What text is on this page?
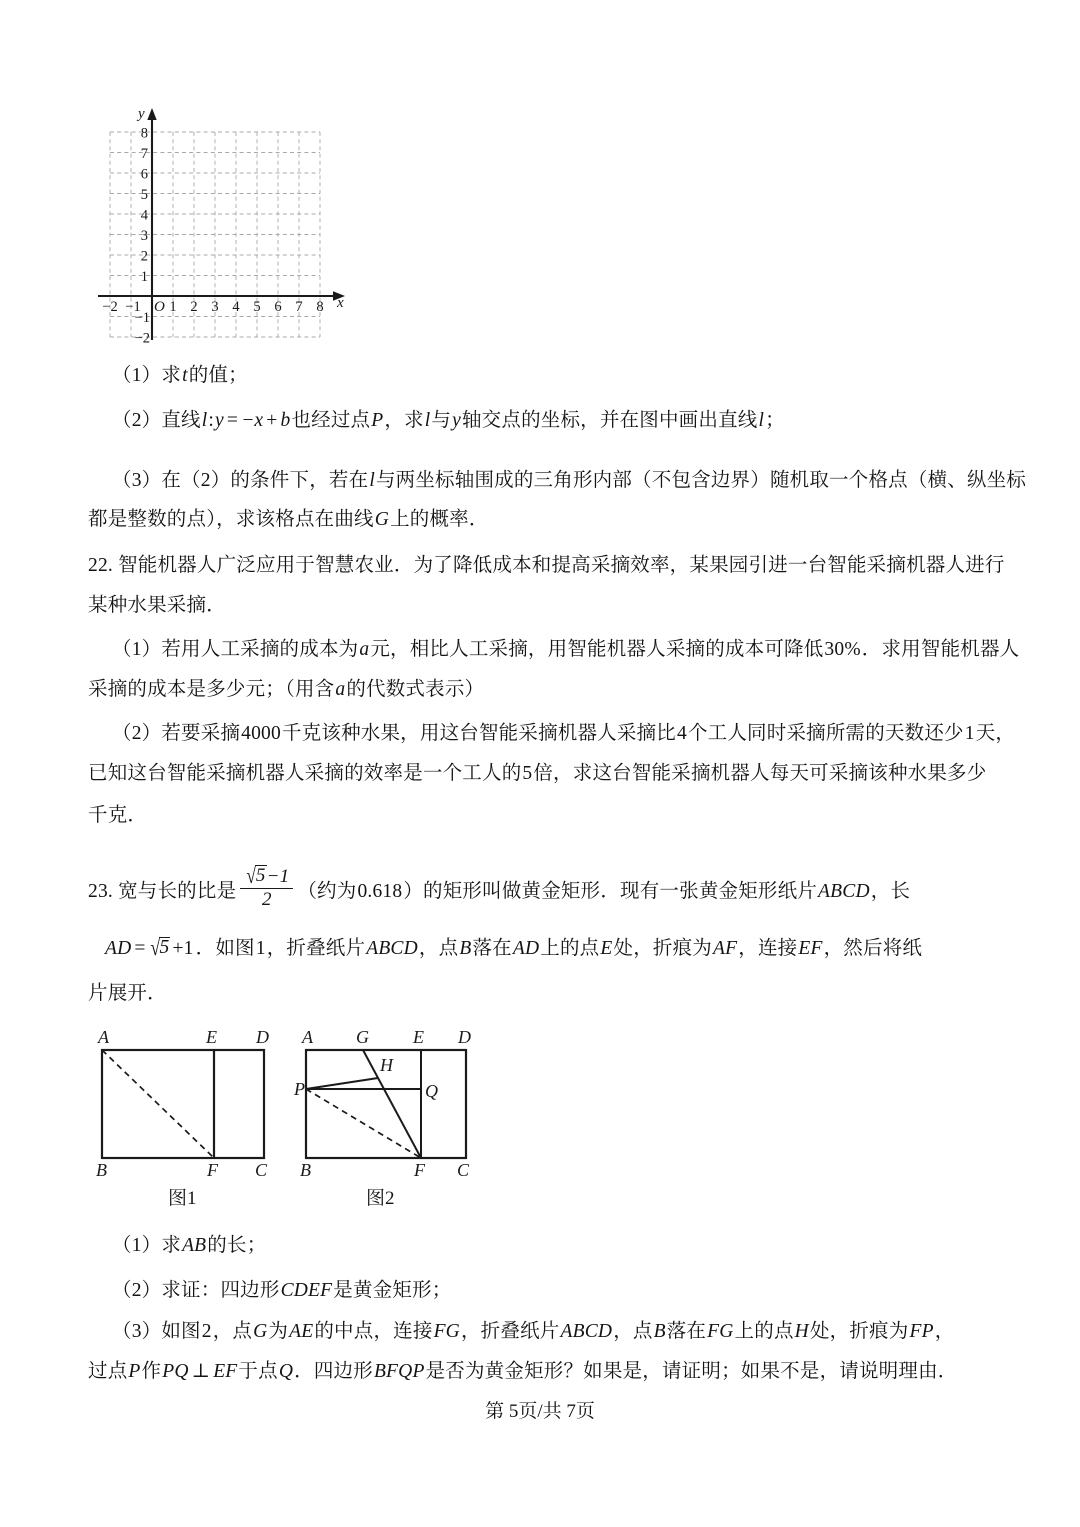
x
y
O
−2 −1 1 2 3 4 5 6 7 8
8
7
6
5
4
3
2
1
−1
−2
（1）求t的值；
（2）直线l:y = −x + b也经过点P，求l与y轴交点的坐标，并在图中画出直线l；
（3）在（2）的条件下，若在l与两坐标轴围成的三角形内部（不包含边界）随机取一个格点（横、纵坐标
都是整数的点），求该格点在曲线G上的概率．
22. 智能机器人广泛应用于智慧农业．为了降低成本和提高采摘效率，某果园引进一台智能采摘机器人进行
某种水果采摘．
（1）若用人工采摘的成本为a元，相比人工采摘，用智能机器人采摘的成本可降低30%．求用智能机器人
采摘的成本是多少元；（用含a的代数式表示）
（2）若要采摘4000千克该种水果，用这台智能采摘机器人采摘比4个工人同时采摘所需的天数还少1天，
已知这台智能采摘机器人采摘的效率是一个工人的5倍，求这台智能采摘机器人每天可采摘该种水果多少
千克．
23. 宽与长的比是 $\frac{√5-1}{2}$ （约为0.618）的矩形叫做黄金矩形．现有一张黄金矩形纸片ABCD，长
AD = √5 +1 ．如图1，折叠纸片ABCD，点B落在AD上的点E处，折痕为AF，连接EF，然后将纸
片展开．
A	E D
B	F C
图1
A G E D
H
P	Q
B	F C
图2
（1）求AB的长；
（2）求证：四边形CDEF是黄金矩形；
（3）如图2，点G为AE的中点，连接FG，折叠纸片ABCD，点B落在FG上的点H处，折痕为FP，
过点P作PQ ⊥ EF于点Q．四边形BFQP是否为黄金矩形？如果是，请证明；如果不是，请说明理由．
第 5页/共 7页
